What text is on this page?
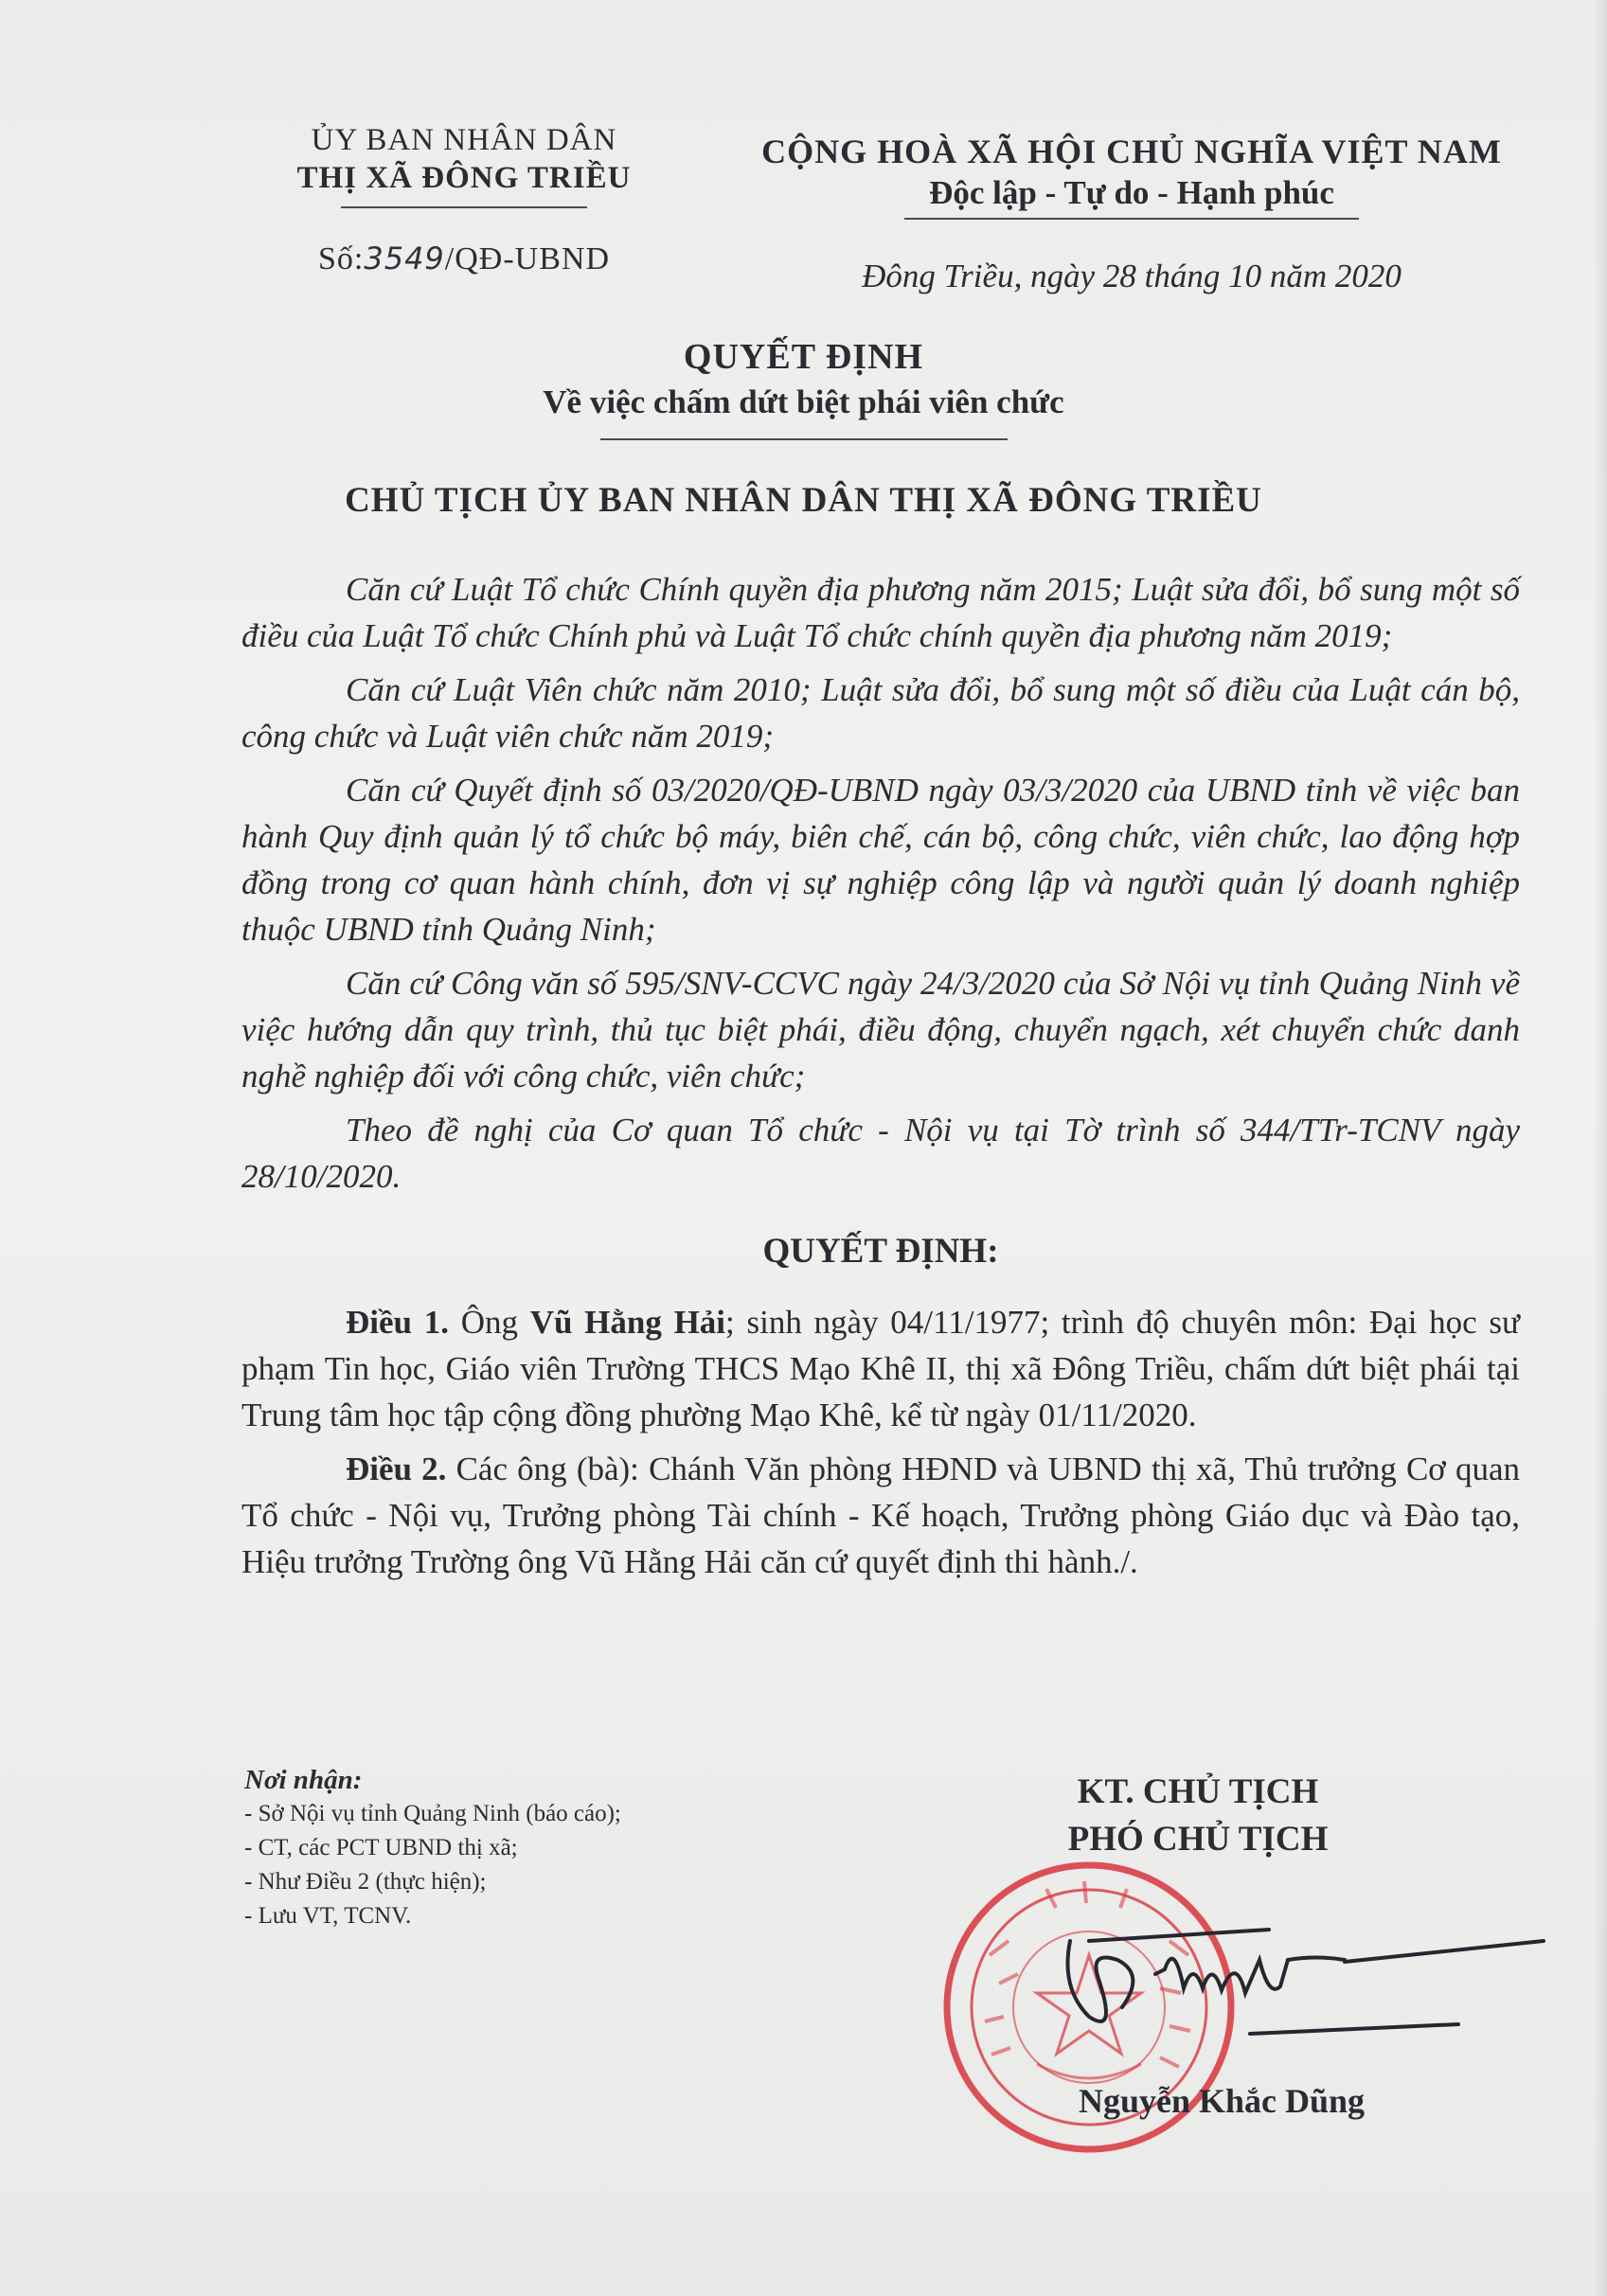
ỦY BAN NHÂN DÂN
THỊ XÃ ĐÔNG TRIỀU
Số:3549/QĐ-UBND
CỘNG HOÀ XÃ HỘI CHỦ NGHĨA VIỆT NAM
Độc lập - Tự do - Hạnh phúc
Đông Triều, ngày 28 tháng 10 năm 2020
QUYẾT ĐỊNH
Về việc chấm dứt biệt phái viên chức
CHỦ TỊCH ỦY BAN NHÂN DÂN THỊ XÃ ĐÔNG TRIỀU

Căn cứ Luật Tổ chức Chính quyền địa phương năm 2015; Luật sửa đổi, bổ sung một số điều của Luật Tổ chức Chính phủ và Luật Tổ chức chính quyền địa phương năm 2019;

Căn cứ Luật Viên chức năm 2010; Luật sửa đổi, bổ sung một số điều của Luật cán bộ, công chức và Luật viên chức năm 2019;

Căn cứ Quyết định số 03/2020/QĐ-UBND ngày 03/3/2020 của UBND tỉnh về việc ban hành Quy định quản lý tổ chức bộ máy, biên chế, cán bộ, công chức, viên chức, lao động hợp đồng trong cơ quan hành chính, đơn vị sự nghiệp công lập và người quản lý doanh nghiệp thuộc UBND tỉnh Quảng Ninh;

Căn cứ Công văn số 595/SNV-CCVC ngày 24/3/2020 của Sở Nội vụ tỉnh Quảng Ninh về việc hướng dẫn quy trình, thủ tục biệt phái, điều động, chuyển ngạch, xét chuyển chức danh nghề nghiệp đối với công chức, viên chức;

Theo đề nghị của Cơ quan Tổ chức - Nội vụ tại Tờ trình số 344/TTr-TCNV ngày 28/10/2020.

QUYẾT ĐỊNH:

Điều 1. Ông Vũ Hằng Hải; sinh ngày 04/11/1977; trình độ chuyên môn: Đại học sư phạm Tin học, Giáo viên Trường THCS Mạo Khê II, thị xã Đông Triều, chấm dứt biệt phái tại Trung tâm học tập cộng đồng phường Mạo Khê, kể từ ngày 01/11/2020.

Điều 2. Các ông (bà): Chánh Văn phòng HĐND và UBND thị xã, Thủ trưởng Cơ quan Tổ chức - Nội vụ, Trưởng phòng Tài chính - Kế hoạch, Trưởng phòng Giáo dục và Đào tạo, Hiệu trưởng Trường ông Vũ Hằng Hải căn cứ quyết định thi hành./.

Nơi nhận:
- Sở Nội vụ tỉnh Quảng Ninh (báo cáo);
- CT, các PCT UBND thị xã;
- Như Điều 2 (thực hiện);
- Lưu VT, TCNV.
KT. CHỦ TỊCH
PHÓ CHỦ TỊCH
Nguyễn Khắc Dũng
